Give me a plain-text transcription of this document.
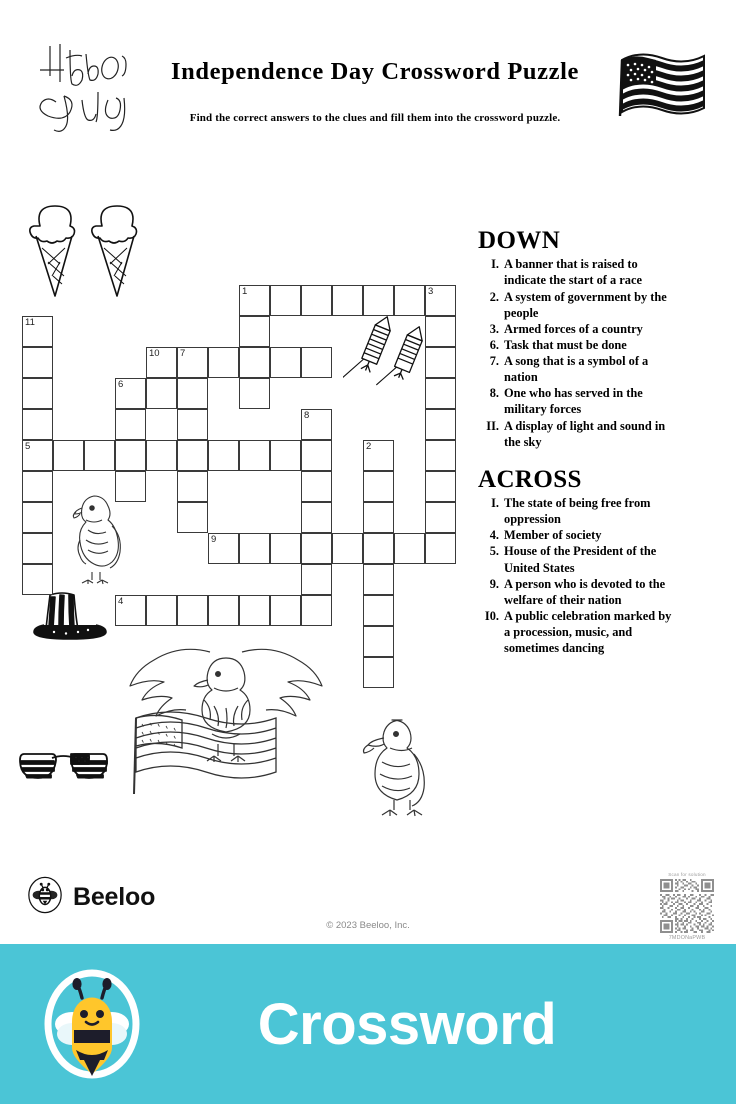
Independence Day Crossword Puzzle
Find the correct answers to the clues and fill them into the crossword puzzle.
1	3
11
10 7
6
8
5	2
9
4
DOWN
I. A banner that is raised to indicate the start of a race
2. A system of government by the people
3. Armed forces of a country
6. Task that must be done
7. A song that is a symbol of a nation
8. One who has served in the military forces
II. A display of light and sound in the sky
ACROSS
I. The state of being free from oppression
4. Member of society
5. House of the President of the United States
9. A person who is devoted to the welfare of their nation
I0. A public celebration marked by a procession, music, and sometimes dancing
Beeloo
© 2023 Beeloo, Inc.
Scan for solution
7MDONaPWB
Crossword
